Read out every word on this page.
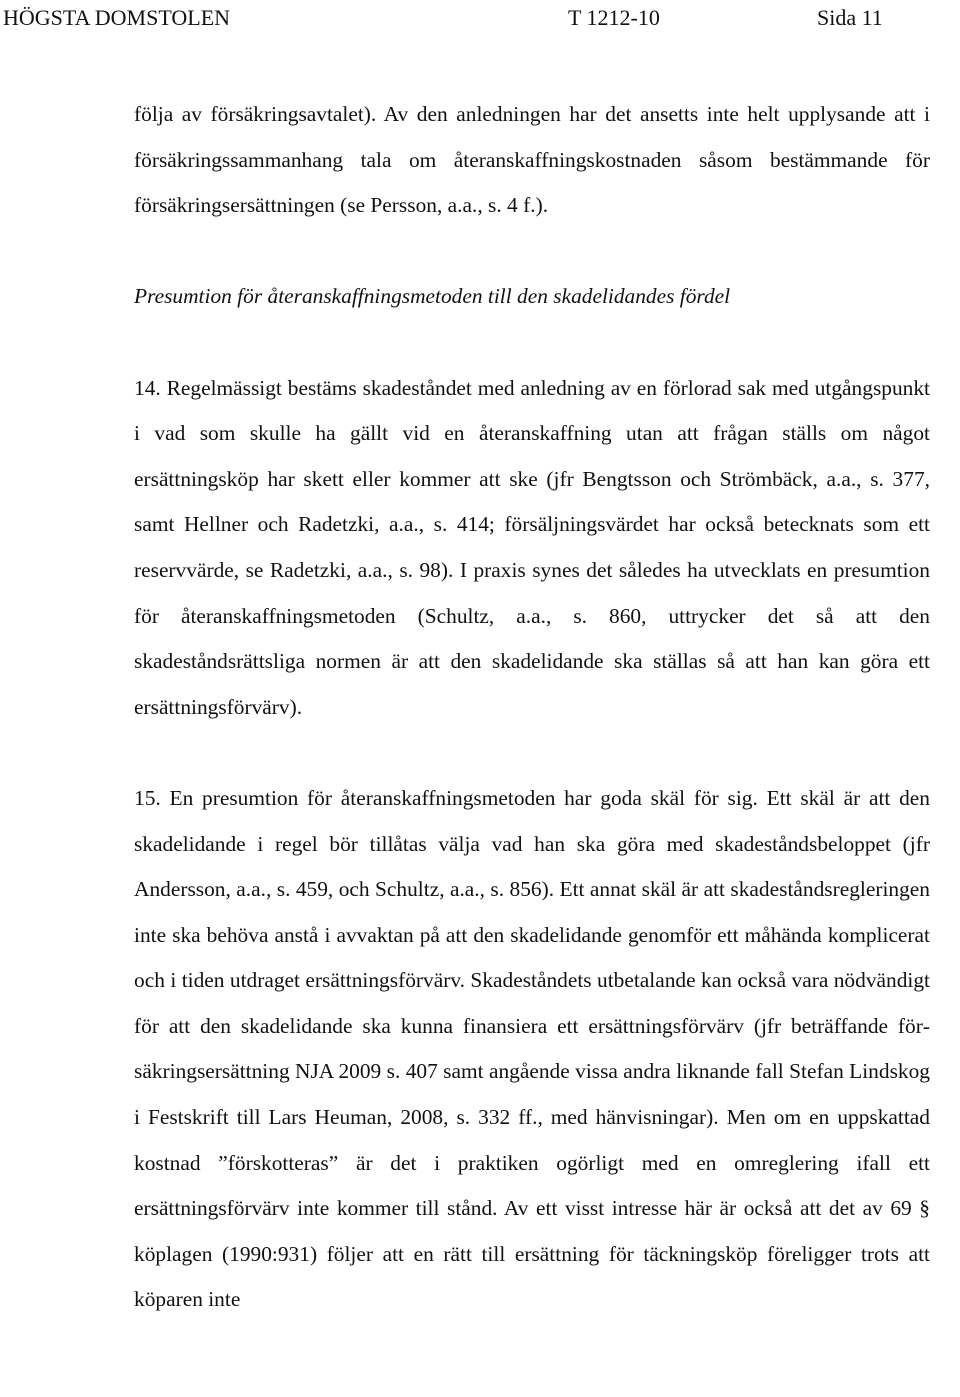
HÖGSTA DOMSTOLEN	T 1212-10	Sida 11

följa av försäkringsavtalet). Av den anledningen har det ansetts inte helt upplysande att i försäkringssammanhang tala om återanskaffningskostnaden såsom bestämmande för försäkringsersättningen (se Persson, a.a., s. 4 f.).

Presumtion för återanskaffningsmetoden till den skadelidandes fördel

14. Regelmässigt bestäms skadeståndet med anledning av en förlorad sak med utgångspunkt i vad som skulle ha gällt vid en återanskaffning utan att frågan ställs om något ersättningsköp har skett eller kommer att ske (jfr Bengtsson och Strömbäck, a.a., s. 377, samt Hellner och Radetzki, a.a., s. 414; försäljningsvärdet har också betecknats som ett reservvärde, se Radetzki, a.a., s. 98). I praxis synes det således ha utvecklats en presumtion för återanskaffningsmetoden (Schultz, a.a., s. 860, uttrycker det så att den skadeståndsrättsliga normen är att den skadelidande ska ställas så att han kan göra ett ersättningsförvärv).

15. En presumtion för återanskaffningsmetoden har goda skäl för sig. Ett skäl är att den skadelidande i regel bör tillåtas välja vad han ska göra med skadeståndsbeloppet (jfr Andersson, a.a., s. 459, och Schultz, a.a., s. 856). Ett annat skäl är att skadeståndsregleringen inte ska behöva anstå i avvaktan på att den skadelidande genomför ett måhända komplicerat och i tiden utdraget ersättningsförvärv. Skadeståndets utbetalande kan också vara nödvändigt för att den skadelidande ska kunna finansiera ett ersättningsförvärv (jfr beträffande försäkringsersättning NJA 2009 s. 407 samt angående vissa andra liknande fall Stefan Lindskog i Festskrift till Lars Heuman, 2008, s. 332 ff., med hänvisningar). Men om en uppskattad kostnad ”förskotteras” är det i praktiken ogörligt med en omreglering ifall ett ersättningsförvärv inte kommer till stånd. Av ett visst intresse här är också att det av 69 § köplagen (1990:931) följer att en rätt till ersättning för täckningsköp föreligger trots att köparen inte
